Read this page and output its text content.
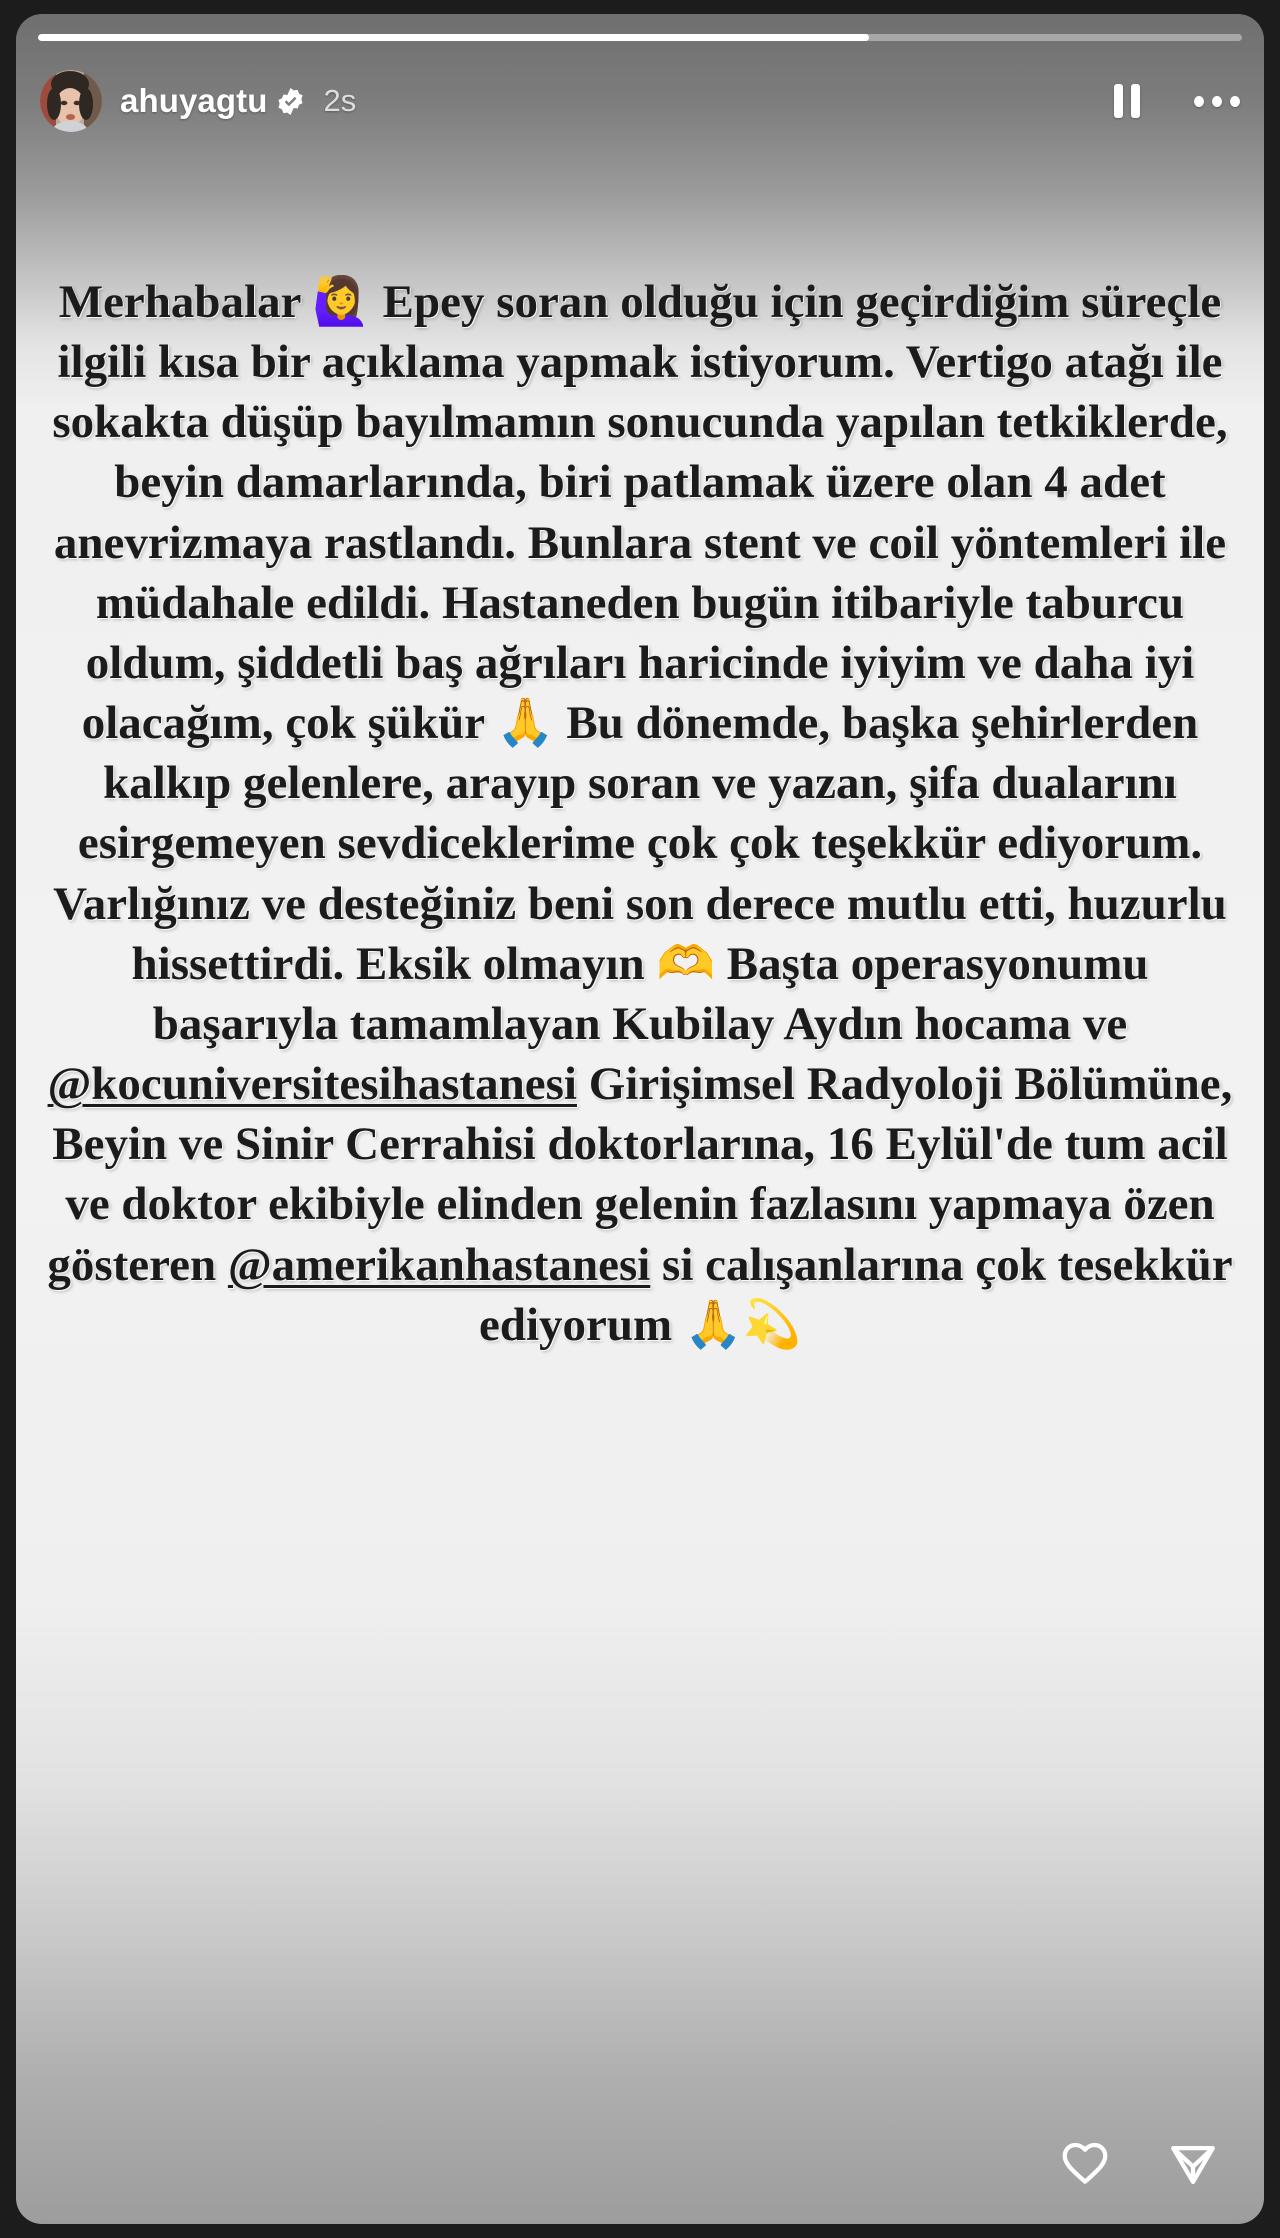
ahuyagtu 2s
Merhabalar 🙋‍♀️ Epey soran olduğu için geçirdiğim süreçle ilgili kısa bir açıklama yapmak istiyorum. Vertigo atağı ile sokakta düşüp bayılmamın sonucunda yapılan tetkiklerde, beyin damarlarında, biri patlamak üzere olan 4 adet anevrizmaya rastlandı. Bunlara stent ve coil yöntemleri ile müdahale edildi. Hastaneden bugün itibariyle taburcu oldum, şiddetli baş ağrıları haricinde iyiyim ve daha iyi olacağım, çok şükür 🙏 Bu dönemde, başka şehirlerden kalkıp gelenlere, arayıp soran ve yazan, şifa dualarını esirgemeyen sevdiceklerime çok çok teşekkür ediyorum. Varlığınız ve desteğiniz beni son derece mutlu etti, huzurlu hissettirdi. Eksik olmayın 🫶 Başta operasyonumu başarıyla tamamlayan Kubilay Aydın hocama ve @kocuniversitesihastanesi Girişimsel Radyoloji Bölümüne, Beyin ve Sinir Cerrahisi doktorlarına, 16 Eylül'de tum acil ve doktor ekibiyle elinden gelenin fazlasını yapmaya özen gösteren @amerikanhastanesi si calışanlarına çok tesekkür ediyorum 🙏💫
